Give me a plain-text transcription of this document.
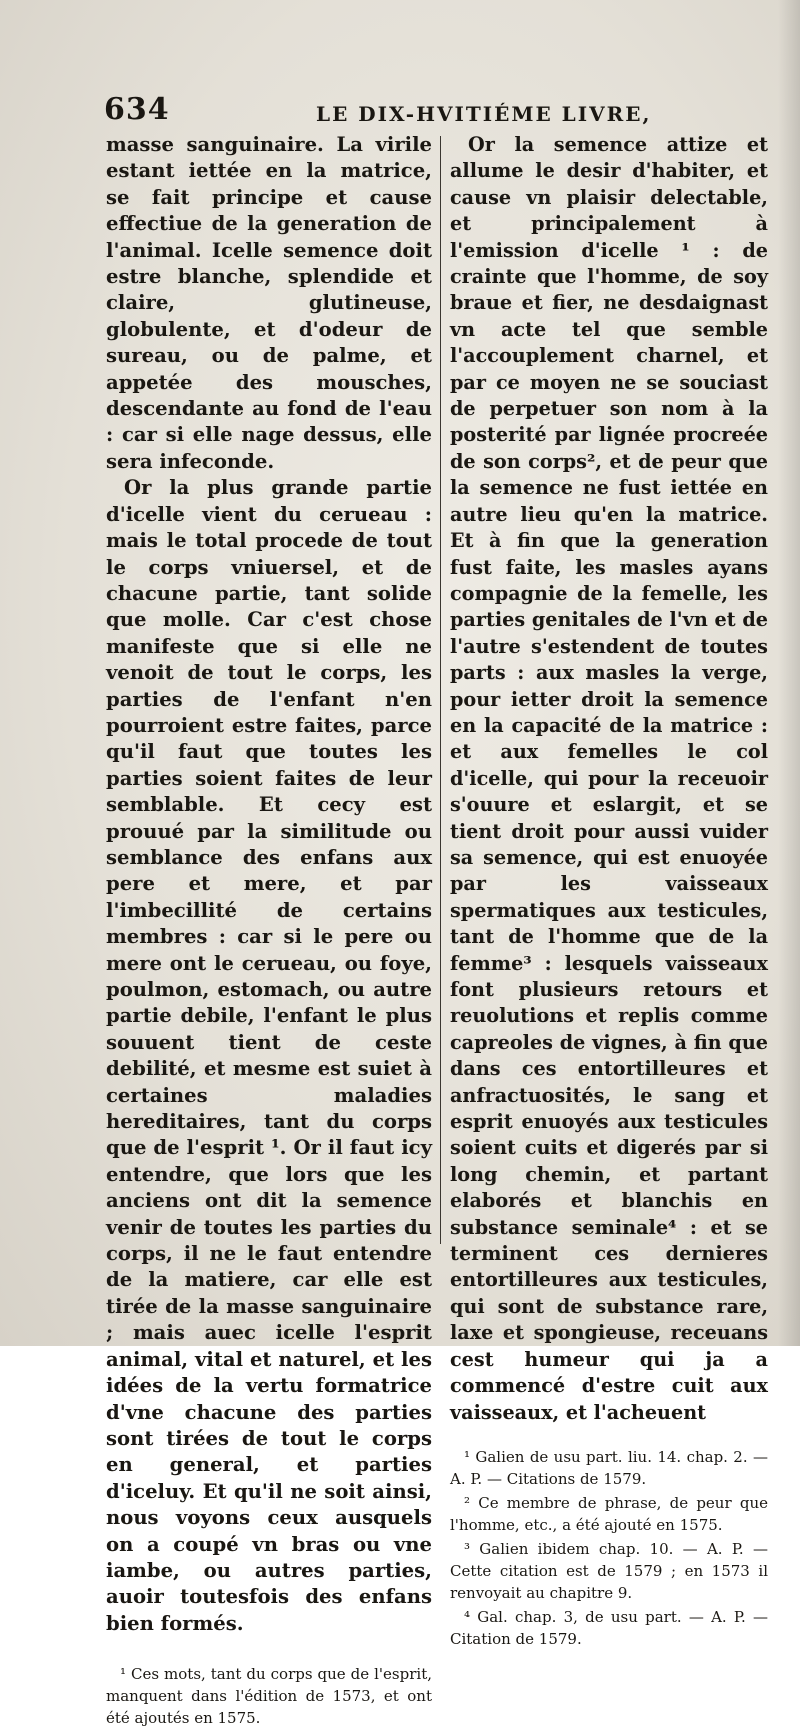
634	LE DIX-HVITIÉME LIVRE,

masse sanguinaire. La virile estant iettée en la matrice, se fait principe et cause effectiue de la generation de l'animal. Icelle semence doit estre blanche, splendide et claire, glutineuse, globulente, et d'odeur de sureau, ou de palme, et appetée des mousches, descendante au fond de l'eau : car si elle nage dessus, elle sera infeconde.

Or la plus grande partie d'icelle vient du cerueau : mais le total procede de tout le corps vniuersel, et de chacune partie, tant solide que molle. Car c'est chose manifeste que si elle ne venoit de tout le corps, les parties de l'enfant n'en pourroient estre faites, parce qu'il faut que toutes les parties soient faites de leur semblable. Et cecy est prouué par la similitude ou semblance des enfans aux pere et mere, et par l'imbecillité de certains membres : car si le pere ou mere ont le cerueau, ou foye, poulmon, estomach, ou autre partie debile, l'enfant le plus souuent tient de ceste debilité, et mesme est suiet à certaines maladies hereditaires, tant du corps que de l'esprit ¹. Or il faut icy entendre, que lors que les anciens ont dit la semence venir de toutes les parties du corps, il ne le faut entendre de la matiere, car elle est tirée de la masse sanguinaire ; mais auec icelle l'esprit animal, vital et naturel, et les idées de la vertu formatrice d'vne chacune des parties sont tirées de tout le corps en general, et parties d'iceluy. Et qu'il ne soit ainsi, nous voyons ceux ausquels on a coupé vn bras ou vne iambe, ou autres parties, auoir toutesfois des enfans bien formés.

¹ Ces mots, tant du corps que de l'esprit, manquent dans l'édition de 1573, et ont été ajoutés en 1575.

Or la semence attize et allume le desir d'habiter, et cause vn plaisir delectable, et principalement à l'emission d'icelle ¹ : de crainte que l'homme, de soy braue et fier, ne desdaignast vn acte tel que semble l'accouplement charnel, et par ce moyen ne se souciast de perpetuer son nom à la posterité par lignée procreée de son corps², et de peur que la semence ne fust iettée en autre lieu qu'en la matrice. Et à fin que la generation fust faite, les masles ayans compagnie de la femelle, les parties genitales de l'vn et de l'autre s'estendent de toutes parts : aux masles la verge, pour ietter droit la semence en la capacité de la matrice : et aux femelles le col d'icelle, qui pour la receuoir s'ouure et eslargit, et se tient droit pour aussi vuider sa semence, qui est enuoyée par les vaisseaux spermatiques aux testicules, tant de l'homme que de la femme³ : lesquels vaisseaux font plusieurs retours et reuolutions et replis comme capreoles de vignes, à fin que dans ces entortilleures et anfractuosités, le sang et esprit enuoyés aux testicules soient cuits et digerés par si long chemin, et partant elaborés et blanchis en substance seminale⁴ : et se terminent ces dernieres entortilleures aux testicules, qui sont de substance rare, laxe et spongieuse, receuans cest humeur qui ja a commencé d'estre cuit aux vaisseaux, et l'acheuent

¹ Galien de usu part. liu. 14. chap. 2. — A. P. — Citations de 1579.

² Ce membre de phrase, de peur que l'homme, etc., a été ajouté en 1575.

³ Galien ibidem chap. 10. — A. P. — Cette citation est de 1579 ; en 1573 il renvoyait au chapitre 9.

⁴ Gal. chap. 3, de usu part. — A. P. — Citation de 1579.
